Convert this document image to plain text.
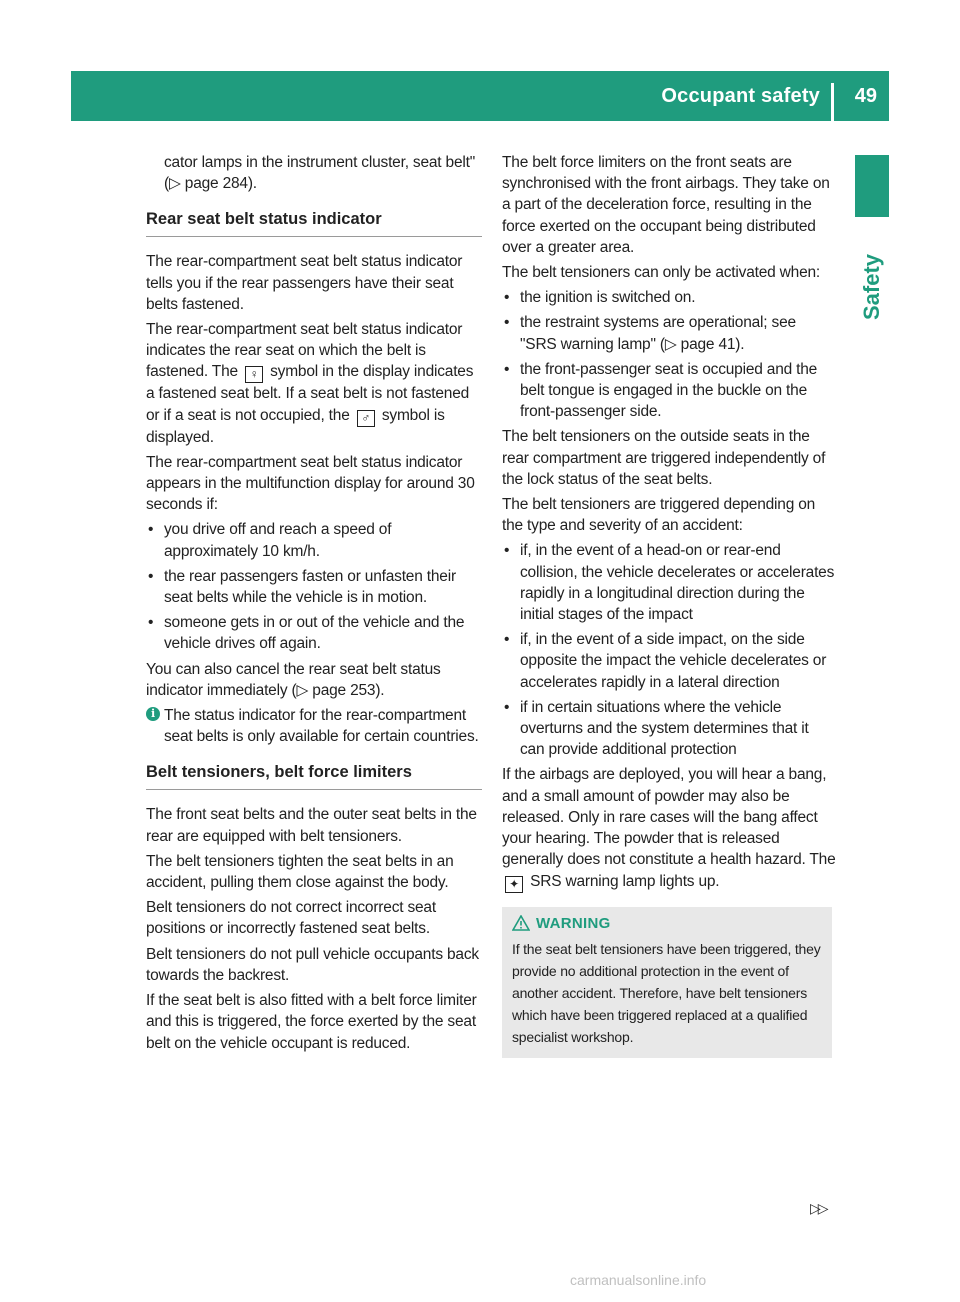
Occupant safety 49
Safety

cator lamps in the instrument cluster, seat belt" (▷ page 284).

Rear seat belt status indicator

The rear-compartment seat belt status indicator tells you if the rear passengers have their seat belts fastened.

The rear-compartment seat belt status indicator indicates the rear seat on which the belt is fastened. The ♀ symbol in the display indicates a fastened seat belt. If a seat belt is not fastened or if a seat is not occupied, the ♂ symbol is displayed.

The rear-compartment seat belt status indicator appears in the multifunction display for around 30 seconds if:

• you drive off and reach a speed of approximately 10 km/h.

• the rear passengers fasten or unfasten their seat belts while the vehicle is in motion.

• someone gets in or out of the vehicle and the vehicle drives off again.

You can also cancel the rear seat belt status indicator immediately (▷ page 253).

i The status indicator for the rear-compartment seat belts is only available for certain countries.

Belt tensioners, belt force limiters

The front seat belts and the outer seat belts in the rear are equipped with belt tensioners.

The belt tensioners tighten the seat belts in an accident, pulling them close against the body.

Belt tensioners do not correct incorrect seat positions or incorrectly fastened seat belts.

Belt tensioners do not pull vehicle occupants back towards the backrest.

If the seat belt is also fitted with a belt force limiter and this is triggered, the force exerted by the seat belt on the vehicle occupant is reduced.

The belt force limiters on the front seats are synchronised with the front airbags. They take on a part of the deceleration force, resulting in the force exerted on the occupant being distributed over a greater area.

The belt tensioners can only be activated when:

• the ignition is switched on.

• the restraint systems are operational; see "SRS warning lamp" (▷ page 41).

• the front-passenger seat is occupied and the belt tongue is engaged in the buckle on the front-passenger side.

The belt tensioners on the outside seats in the rear compartment are triggered independently of the lock status of the seat belts.

The belt tensioners are triggered depending on the type and severity of an accident:

• if, in the event of a head-on or rear-end collision, the vehicle decelerates or accelerates rapidly in a longitudinal direction during the initial stages of the impact

• if, in the event of a side impact, on the side opposite the impact the vehicle decelerates or accelerates rapidly in a lateral direction

• if in certain situations where the vehicle overturns and the system determines that it can provide additional protection

If the airbags are deployed, you will hear a bang, and a small amount of powder may also be released. Only in rare cases will the bang affect your hearing. The powder that is released generally does not constitute a health hazard. The ✦ SRS warning lamp lights up.

WARNING

If the seat belt tensioners have been triggered, they provide no additional protection in the event of another accident. Therefore, have belt tensioners which have been triggered replaced at a qualified specialist workshop.

▷▷
carmanualsonline.info
